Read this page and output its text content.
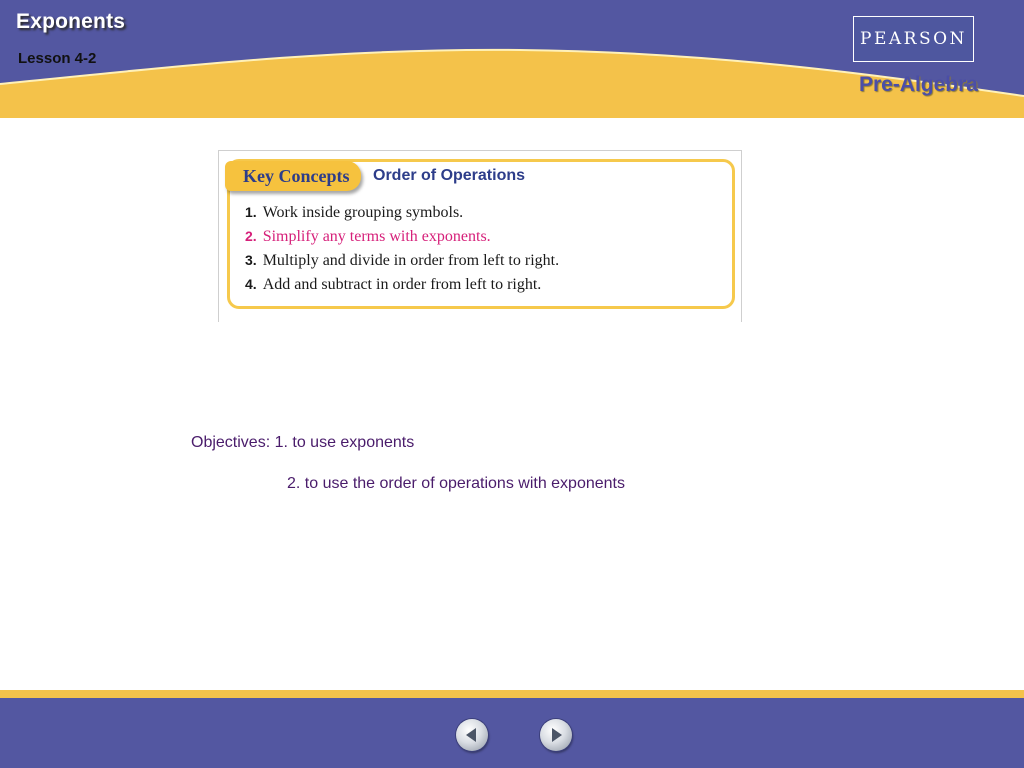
Exponents
Lesson 4-2
PEARSON
Pre-Algebra
Key Concepts Order of Operations
1. Work inside grouping symbols.
2. Simplify any terms with exponents.
3. Multiply and divide in order from left to right.
4. Add and subtract in order from left to right.
Objectives: 1. to use exponents
2. to use the order of operations with exponents
